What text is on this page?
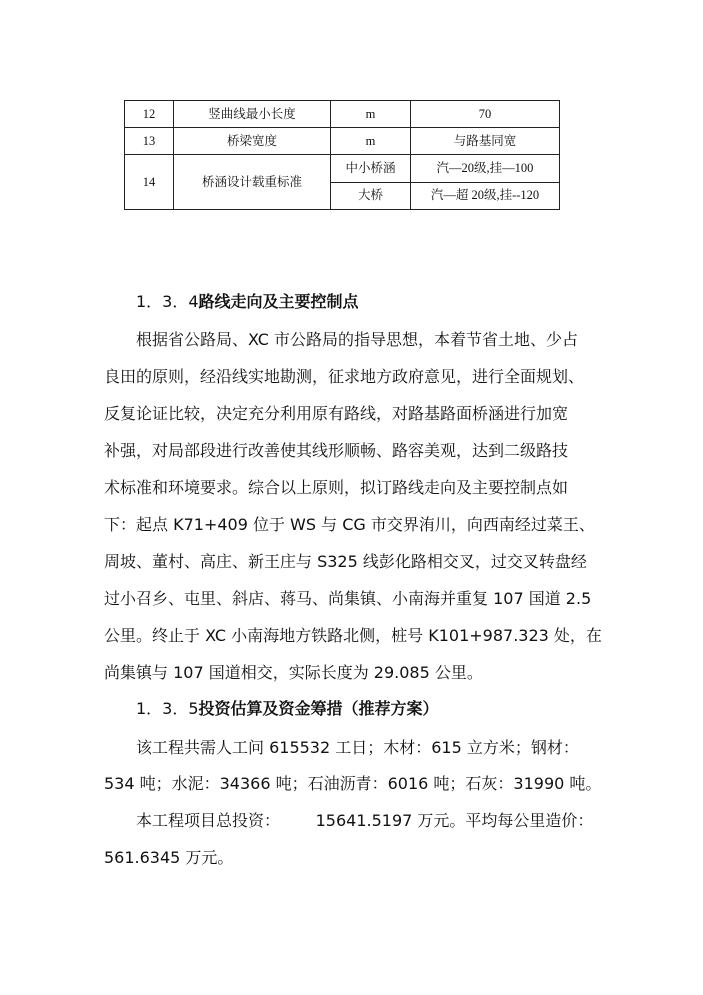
12	竖曲线最小长度	m	70
13	桥梁宽度	m	与路基同宽
14	桥涵设计载重标准	中小桥涵	汽—20级,挂—100
		大桥	汽—超 20级,挂--120
1．3．4路线走向及主要控制点
根据省公路局、XC 市公路局的指导思想，本着节省土地、少占
良田的原则，经沿线实地勘测，征求地方政府意见，进行全面规划、
反复论证比较，决定充分利用原有路线，对路基路面桥涵进行加宽
补强，对局部段进行改善使其线形顺畅、路容美观，达到二级路技
术标准和环境要求。综合以上原则，拟订路线走向及主要控制点如
下：起点 K71+409 位于 WS 与 CG 市交界洧川，向西南经过菜王、
周坡、董村、高庄、新王庄与 S325 线彭化路相交叉，过交叉转盘经
过小召乡、屯里、斜店、蒋马、尚集镇、小南海并重复 107 国道 2.5
公里。终止于 XC 小南海地方铁路北侧，桩号 K101+987.323 处，在
尚集镇与 107 国道相交，实际长度为 29.085 公里。
1．3．5投资估算及资金筹措（推荐方案）
该工程共需人工问 615532 工日；木材：615 立方米；钢材：
534 吨；水泥：34366 吨；石油沥青：6016 吨；石灰：31990 吨。
本工程项目总投资：       15641.5197 万元。平均每公里造价：
561.6345 万元。
